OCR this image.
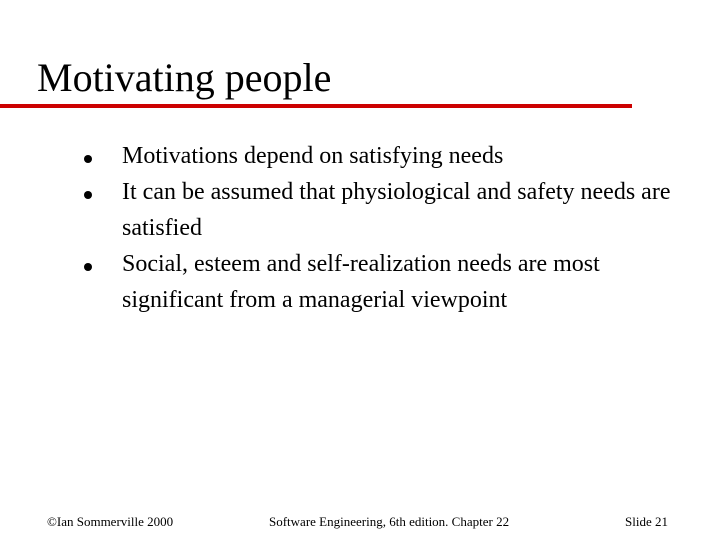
Motivating people
Motivations depend on satisfying needs
It can be assumed that physiological and safety needs are satisfied
Social, esteem and self-realization needs are most significant from a managerial viewpoint
©Ian Sommerville 2000	Software Engineering, 6th edition. Chapter 22	Slide 21
